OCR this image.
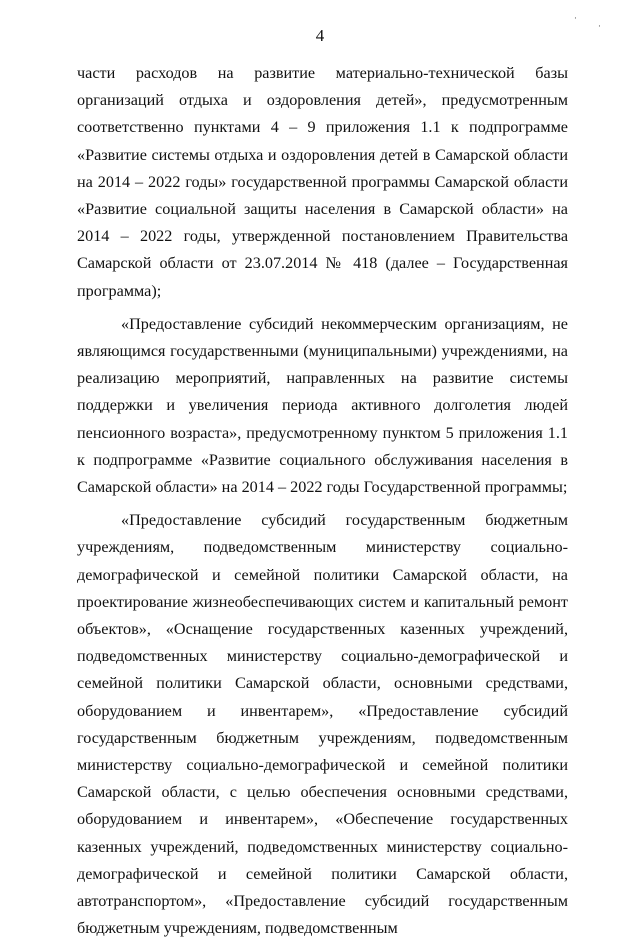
4

части расходов на развитие материально-технической базы организаций отдыха и оздоровления детей», предусмотренным соответственно пунктами 4 – 9 приложения 1.1 к подпрограмме «Развитие системы отдыха и оздоровления детей в Самарской области на 2014 – 2022 годы» государственной программы Самарской области «Развитие социальной защиты населения в Самарской области» на 2014 – 2022 годы, утвержденной постановлением Правительства Самарской области от 23.07.2014 № 418 (далее – Государственная программа);

«Предоставление субсидий некоммерческим организациям, не являющимся государственными (муниципальными) учреждениями, на реализацию мероприятий, направленных на развитие системы поддержки и увеличения периода активного долголетия людей пенсионного возраста», предусмотренному пунктом 5 приложения 1.1 к подпрограмме «Развитие социального обслуживания населения в Самарской области» на 2014 – 2022 годы Государственной программы;

«Предоставление субсидий государственным бюджетным учреждениям, подведомственным министерству социально-демографической и семейной политики Самарской области, на проектирование жизнеобеспечивающих систем и капитальный ремонт объектов», «Оснащение государственных казенных учреждений, подведомственных министерству социально-демографической и семейной политики Самарской области, основными средствами, оборудованием и инвентарем», «Предоставление субсидий государственным бюджетным учреждениям, подведомственным министерству социально-демографической и семейной политики Самарской области, с целью обеспечения основными средствами, оборудованием и инвентарем», «Обеспечение государственных казенных учреждений, подведомственных министерству социально-демографической и семейной политики Самарской области, автотранспортом», «Предоставление субсидий государственным бюджетным учреждениям, подведомственным

·
·
